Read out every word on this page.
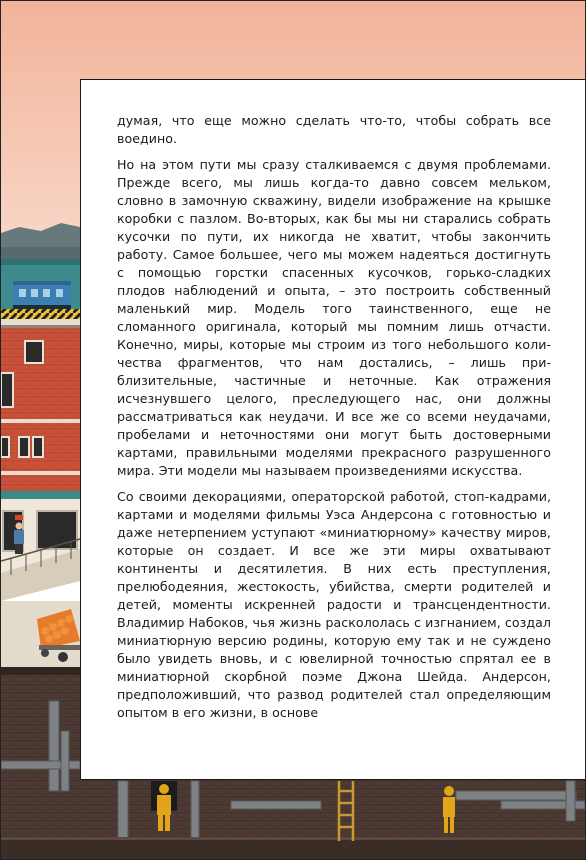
думая, что еще можно сделать что-то, чтобы собрать все воедино.

Но на этом пути мы сразу сталкиваемся с двумя проблемами. Прежде всего, мы лишь когда-то давно совсем мельком, словно в замочную скважину, видели изображение на крышке коробки с пазлом. Во-вторых, как бы мы ни старались собрать кусочки по пути, их никогда не хватит, чтобы закончить работу. Самое большее, чего мы можем надеяться достигнуть с помощью горстки спасенных кусочков, горько-сладких плодов наблюдений и опыта, – это построить собственный маленький мир. Модель того таинственного, еще не сломанного оригинала, который мы помним лишь отчасти. Конечно, миры, которые мы строим из того небольшого количества фрагментов, что нам достались, – лишь приблизительные, частичные и неточные. Как отражения исчезнувшего целого, преследующего нас, они должны рассматриваться как неудачи. И все же со всеми неудачами, пробелами и неточностями они могут быть достоверными картами, правильными моделями прекрасного разрушенного мира. Эти модели мы называем произведениями искусства.

Со своими декорациями, операторской работой, стоп-кадрами, картами и моделями фильмы Уэса Андерсона с готовностью и даже нетерпением уступают «миниатюрному» качеству миров, которые он создает. И все же эти миры охватывают континенты и десятилетия. В них есть преступления, прелюбодеяния, жестокость, убийства, смерти родителей и детей, моменты искренней радости и трансцендентности. Владимир Набоков, чья жизнь раскололась с изгнанием, создал миниатюрную версию родины, которую ему так и не суждено было увидеть вновь, и с ювелирной точностью спрятал ее в миниатюрной скорбной поэме Джона Шейда. Андерсон, предположивший, что развод родителей стал определяющим опытом в его жизни, в основе
